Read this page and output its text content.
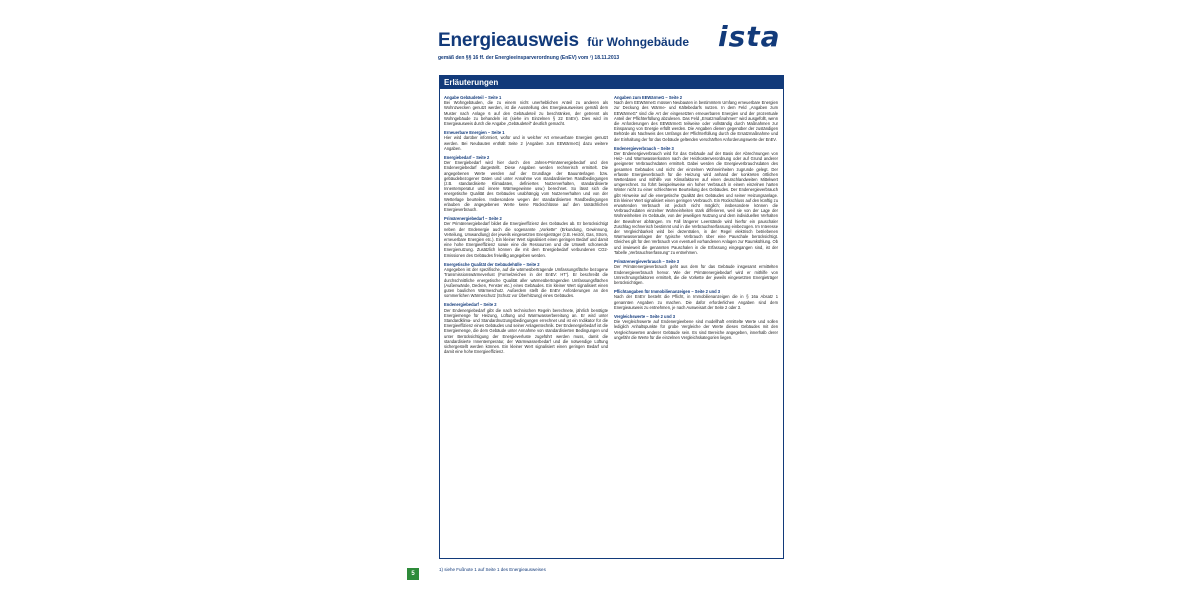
Energieausweis für Wohngebäude
gemäß den §§ 16 ff. der Energieeinsparverordnung (EnEV) vom ¹) 18.11.2013
ista
Erläuterungen
Angabe Gebäudeteil – Seite 1

Bei Wohngebäuden, die zu einem nicht unerheblichen Anteil zu anderen als Wohnzwecken genutzt werden, ist die Ausstellung des Energieausweises gemäß dem Muster nach Anlage 6 auf den Gebäudeteil zu beschränken, der getrennt als Wohngebäude zu behandeln ist (siehe im Einzelnen § 22 EnEV). Dies wird im Energieausweis durch die Angabe „Gebäudeteil“ deutlich gemacht.

Erneuerbare Energien – Seite 1

Hier wird darüber informiert, wofür und in welcher Art erneuerbare Energien genutzt werden. Bei Neubauten enthält Seite 2 (Angaben zum EEWärmeG) dazu weitere Angaben.

Energiebedarf – Seite 2

Der Energiebedarf wird hier durch den Jahres-Primärenergiebedarf und den Endenergiebedarf dargestellt. Diese Angaben werden rechnerisch ermittelt. Die angegebenen Werte werden auf der Grundlage der Bauunterlagen bzw. gebäudebezogener Daten und unter Annahme von standardisierten Randbedingungen (z.B. standardisierte Klimadaten, definiertes Nutzerverhalten, standardisierte Innentemperatur und innere Wärmegewinne usw.) berechnet. So lässt sich die energetische Qualität des Gebäudes unabhängig vom Nutzerverhalten und von der Wetterlage beurteilen. Insbesondere wegen der standardisierten Randbedingungen erlauben die angegebenen Werte keine Rückschlüsse auf den tatsächlichen Energieverbrauch.

Primärenergiebedarf – Seite 2

Der Primärenergiebedarf bildet die Energieeffizienz des Gebäudes ab. Er berücksichtigt neben der Endenergie auch die sogenannte „Vorkette“ (Erkundung, Gewinnung, Verteilung, Umwandlung) der jeweils eingesetzten Energieträger (z.B. Heizöl, Gas, Strom, erneuerbare Energien etc.). Ein kleiner Wert signalisiert einen geringen Bedarf und damit eine hohe Energieeffizienz sowie eine die Ressourcen und die Umwelt schonende Energienutzung. Zusätzlich können die mit dem Energiebedarf verbundenen CO2-Emissionen des Gebäudes freiwillig angegeben werden.

Energetische Qualität der Gebäudehülle – Seite 2

Angegeben ist der spezifische, auf die wärmeübertragende Umfassungsfläche bezogene Transmissionswärmeverlust (Formelzeichen in der EnEV: HT’). Er beschreibt die durchschnittliche energetische Qualität aller wärmeübertragenden Umfassungsflächen (Außenwände, Decken, Fenster etc.) eines Gebäudes. Ein kleiner Wert signalisiert einen guten baulichen Wärmeschutz. Außerdem stellt die EnEV Anforderungen an den sommerlichen Wärmeschutz (Schutz vor Überhitzung) eines Gebäudes.

Endenergiebedarf – Seite 2

Der Endenergiebedarf gibt die nach technischen Regeln berechnete, jährlich benötigte Energiemenge für Heizung, Lüftung und Warmwasserbereitung an. Er wird unter Standardklima- und Standardnutzungsbedingungen errechnet und ist ein Indikator für die Energieeffizienz eines Gebäudes und seiner Anlagentechnik. Der Endenergiebedarf ist die Energiemenge, die dem Gebäude unter Annahme von standardisierten Bedingungen und unter Berücksichtigung der Energieverluste zugeführt werden muss, damit die standardisierte Innentemperatur, der Warmwasserbedarf und die notwendige Lüftung sichergestellt werden können. Ein kleiner Wert signalisiert einen geringen Bedarf und damit eine hohe Energieeffizienz.

Angaben zum EEWärmeG – Seite 2

Nach dem EEWärmeG müssen Neubauten in bestimmtem Umfang erneuerbare Energien zur Deckung des Wärme- und Kältebedarfs nutzen. In dem Feld „Angaben zum EEWärmeG“ sind die Art der eingesetzten erneuerbaren Energien und der prozentuale Anteil der Pflichterfüllung abzulesen. Das Feld „Ersatzmaßnahmen“ wird ausgefüllt, wenn die Anforderungen des EEWärmeG teilweise oder vollständig durch Maßnahmen zur Einsparung von Energie erfüllt werden. Die Angaben dienen gegenüber der zuständigen Behörde als Nachweis des Umfangs der Pflichterfüllung durch die Ersatzmaßnahme und der Einhaltung der für das Gebäude geltenden verschärften Anforderungswerte der EnEV.

Endenergieverbrauch – Seite 3

Der Endenergieverbrauch wird für das Gebäude auf der Basis der Abrechnungen von Heiz- und Warmwasserkosten nach der Heizkostenverordnung oder auf Grund anderer geeigneter Verbrauchsdaten ermittelt. Dabei werden die Energieverbrauchsdaten des gesamten Gebäudes und nicht der einzelnen Wohneinheiten zugrunde gelegt. Der erfasste Energieverbrauch für die Heizung wird anhand der konkreten örtlichen Wetterdaten und mithilfe von Klimafaktoren auf einen deutschlandweiten Mittelwert umgerechnet. So führt beispielsweise ein hoher Verbrauch in einem einzelnen harten Winter nicht zu einer schlechteren Beurteilung des Gebäudes. Der Endenergieverbrauch gibt Hinweise auf die energetische Qualität des Gebäudes und seiner Heizungsanlage. Ein kleiner Wert signalisiert einen geringen Verbrauch. Ein Rückschluss auf den künftig zu erwartenden Verbrauch ist jedoch nicht möglich; insbesondere können die Verbrauchsdaten einzelner Wohneinheiten stark differieren, weil sie von der Lage der Wohneinheiten im Gebäude, von der jeweiligen Nutzung und dem individuellen Verhalten der Bewohner abhängen. Im Fall längerer Leerstände wird hierfür ein pauschaler Zuschlag rechnerisch bestimmt und in die Verbrauchserfassung einbezogen. Im Interesse der Vergleichbarkeit wird bei dezentralen, in der Regel elektrisch betriebenen Warmwasseranlagen der typische Verbrauch über eine Pauschale berücksichtigt. Gleiches gilt für den Verbrauch von eventuell vorhandenen Anlagen zur Raumkühlung. Ob und inwieweit die genannten Pauschalen in die Erfassung eingegangen sind, ist der Tabelle „Verbrauchserfassung“ zu entnehmen.

Primärenergieverbrauch – Seite 3

Der Primärenergieverbrauch geht aus dem für das Gebäude insgesamt ermittelten Endenergieverbrauch hervor. Wie der Primärenergiebedarf wird er mithilfe von Umrechnungsfaktoren ermittelt, die die Vorkette der jeweils eingesetzten Energieträger berücksichtigen.

Pflichtangaben für Immobilienanzeigen – Seite 2 und 3

Nach der EnEV besteht die Pflicht, in Immobilienanzeigen die in § 16a Absatz 1 genannten Angaben zu machen. Die dafür erforderlichen Angaben sind dem Energieausweis zu entnehmen, je nach Ausweisart der Seite 2 oder 3.

Vergleichswerte – Seite 2 und 3

Die Vergleichswerte auf Endenergieebene sind modellhaft ermittelte Werte und sollen lediglich Anhaltspunkte für grobe Vergleiche der Werte dieses Gebäudes mit den Vergleichswerten anderer Gebäude sein. Es sind Bereiche angegeben, innerhalb derer ungefähr die Werte für die einzelnen Vergleichskategorien liegen.

5
1) siehe Fußnote 1 auf Seite 1 des Energieausweises
